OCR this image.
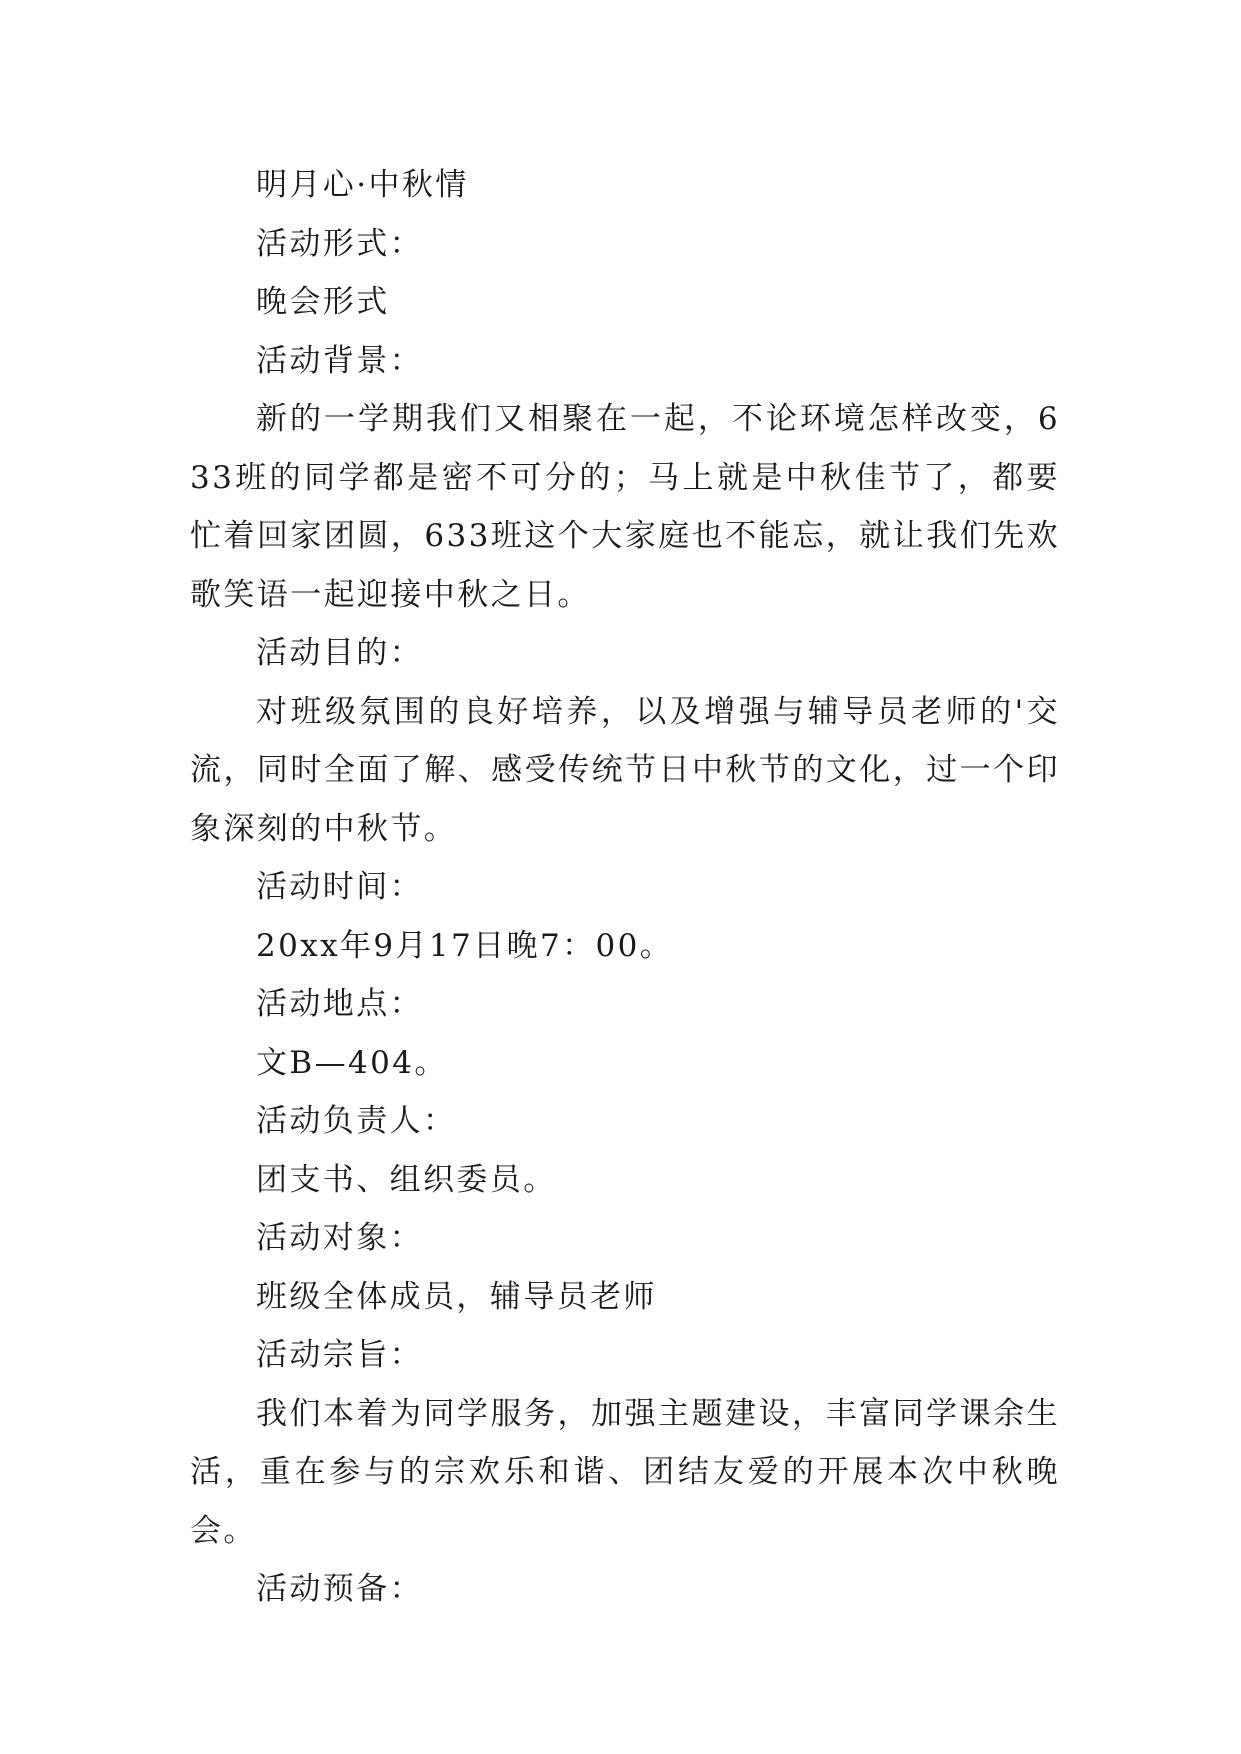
明月心·中秋情

活动形式：

晚会形式

活动背景：

新的一学期我们又相聚在一起，不论环境怎样改变，633班的同学都是密不可分的；马上就是中秋佳节了，都要忙着回家团圆，633班这个大家庭也不能忘，就让我们先欢歌笑语一起迎接中秋之日。

活动目的：

对班级氛围的良好培养，以及增强与辅导员老师的'交流，同时全面了解、感受传统节日中秋节的文化，过一个印象深刻的中秋节。

活动时间：

20xx年9月17日晚7：00。

活动地点：

文B—404。

活动负责人：

团支书、组织委员。

活动对象：

班级全体成员，辅导员老师

活动宗旨：

我们本着为同学服务，加强主题建设，丰富同学课余生活，重在参与的宗欢乐和谐、团结友爱的开展本次中秋晚会。

活动预备：
